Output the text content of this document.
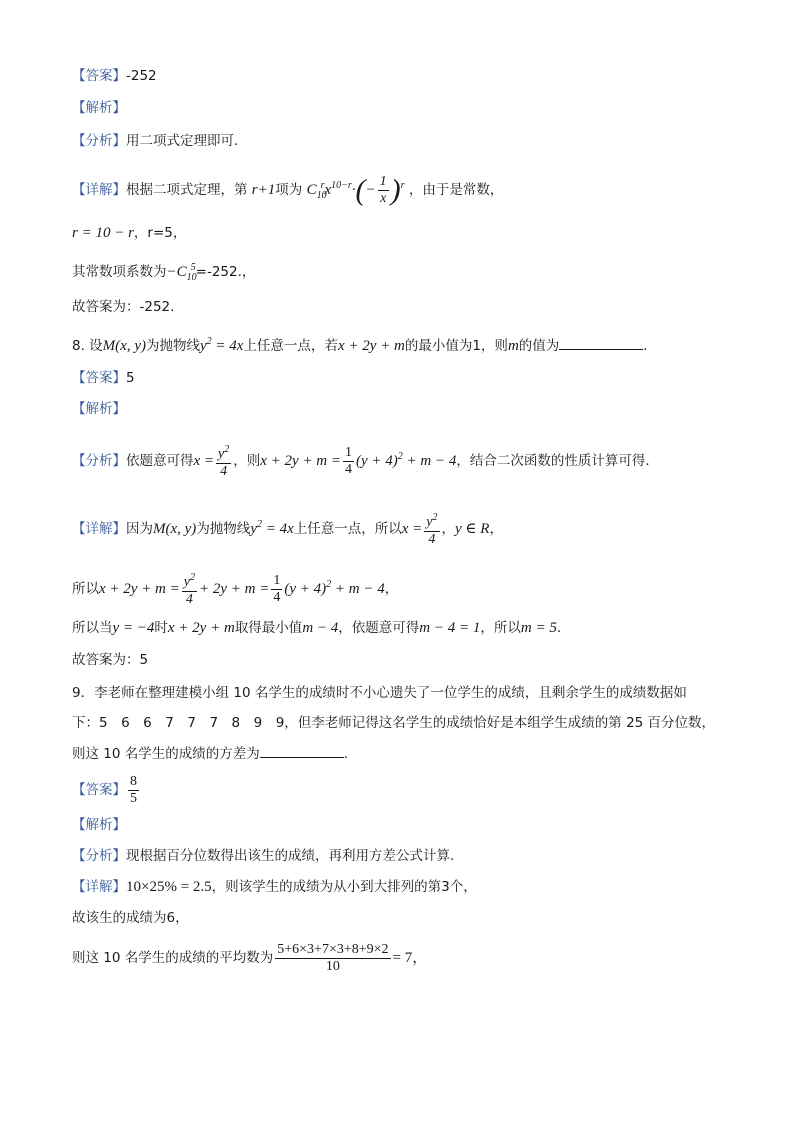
【答案】-252
【解析】
【分析】用二项式定理即可.
【详解】根据二项式定理，第 r+1项为 $C_{10}^rx^{10-r}\cdot(- \frac{1}{x} )^r$ ，由于是常数，
r = 10 − r，r=5，
其常数项系数为$-C_{10}^5=-252$.，
故答案为：-252.
8. 设M(x, y)为抛物线$y^2 = 4x$上任意一点，若x + 2y + m的最小值为1，则m的值为	.
【答案】5
【解析】
【分析】依题意可得$x = \frac{y^2}{4}$ ，则$x + 2y + m = \frac{1}{4} (y + 4)^2 + m - 4$，结合二次函数的性质计算可得.
【详解】因为M(x, y)为抛物线$y^2 = 4x$上任意一点，所以$x = \frac{y^2}{4}$ ，y ∈ R，
所以$x + 2y + m = \frac{y^2}{4} + 2y + m = \frac{1}{4} (y + 4)^2 + m - 4$，
所以当y = −4时x + 2y + m取得最小值m − 4，依题意可得m − 4 = 1，所以m = 5.
故答案为：5
9．李老师在整理建模小组 10 名学生的成绩时不小心遗失了一位学生的成绩，且剩余学生的成绩数据如
下：5　6　6　7　7　7　8　9　9，但李老师记得这名学生的成绩恰好是本组学生成绩的第 25 百分位数，
则这 10 名学生的成绩的方差为	.
【答案】 $\frac{8}{5}$
【解析】
【分析】现根据百分位数得出该生的成绩，再利用方差公式计算.
【详解】10×25% = 2.5，则该学生的成绩为从小到大排列的第3个，
故该生的成绩为6，
则这 10 名学生的成绩的平均数为 $\frac{5+6\times 3+7\times 3+8+9\times 2}{10} = 7$，
